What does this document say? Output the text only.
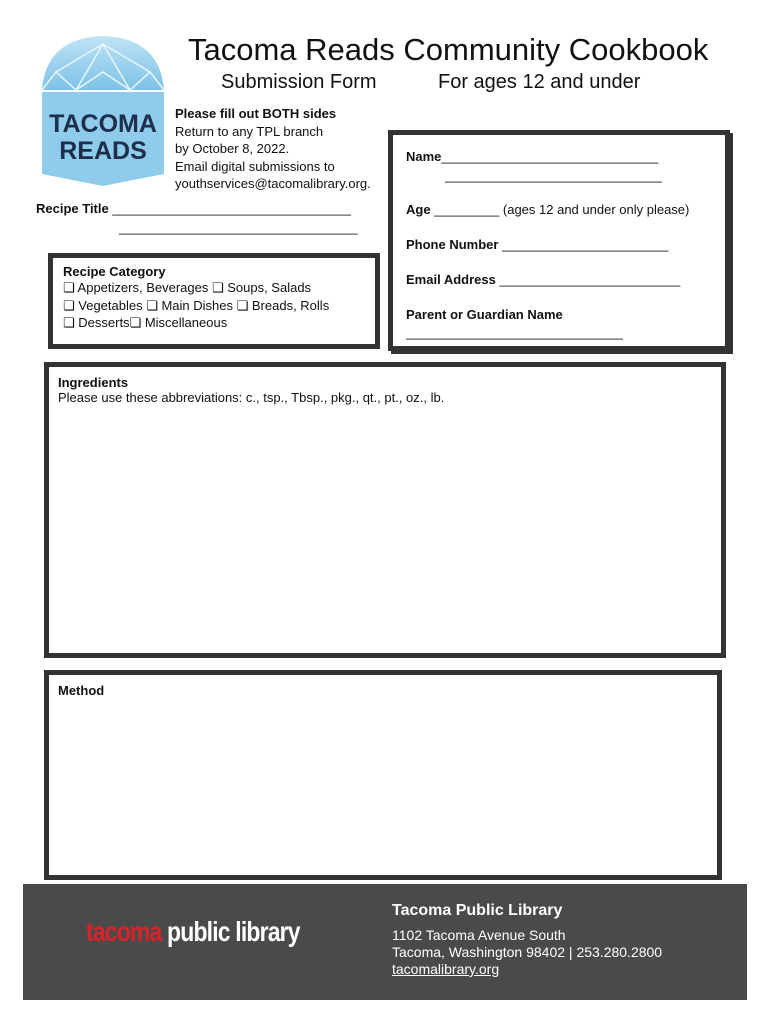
TACOMA
READS
Tacoma Reads Community Cookbook
Submission Form	For ages 12 and under
Please fill out BOTH sides
Return to any TPL branch
by October 8, 2022.
Email digital submissions to
youthservices@tacomalibrary.org.
Recipe Title _________________________________
_________________________________
Name______________________________
______________________________
Age _________ (ages 12 and under only please)
Phone Number _______________________
Email Address _________________________
Parent or Guardian Name
______________________________
Recipe Category
❏ Appetizers, Beverages ❏ Soups, Salads
❏ Vegetables ❏ Main Dishes ❏ Breads, Rolls
❏ Desserts❏ Miscellaneous
Ingredients
Please use these abbreviations: c., tsp., Tbsp., pkg., qt., pt., oz., lb.
Method
tacoma public library
Tacoma Public Library
1102 Tacoma Avenue South
Tacoma, Washington 98402 | 253.280.2800
tacomalibrary.org
